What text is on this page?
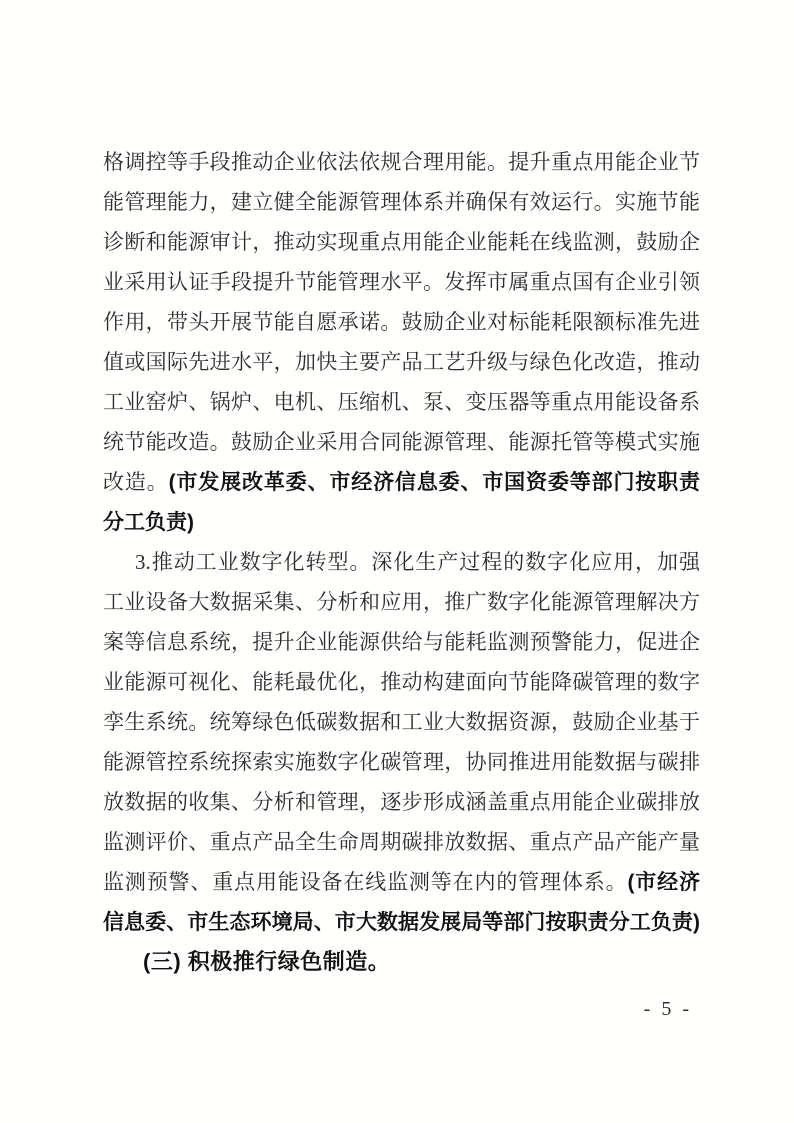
格调控等手段推动企业依法依规合理用能。提升重点用能企业节
能管理能力，建立健全能源管理体系并确保有效运行。实施节能
诊断和能源审计，推动实现重点用能企业能耗在线监测，鼓励企
业采用认证手段提升节能管理水平。发挥市属重点国有企业引领
作用，带头开展节能自愿承诺。鼓励企业对标能耗限额标准先进
值或国际先进水平，加快主要产品工艺升级与绿色化改造，推动
工业窑炉、锅炉、电机、压缩机、泵、变压器等重点用能设备系
统节能改造。鼓励企业采用合同能源管理、能源托管等模式实施
改造。(市发展改革委、市经济信息委、市国资委等部门按职责
分工负责)
3.推动工业数字化转型。深化生产过程的数字化应用，加强
工业设备大数据采集、分析和应用，推广数字化能源管理解决方
案等信息系统，提升企业能源供给与能耗监测预警能力，促进企
业能源可视化、能耗最优化，推动构建面向节能降碳管理的数字
孪生系统。统筹绿色低碳数据和工业大数据资源，鼓励企业基于
能源管控系统探索实施数字化碳管理，协同推进用能数据与碳排
放数据的收集、分析和管理，逐步形成涵盖重点用能企业碳排放
监测评价、重点产品全生命周期碳排放数据、重点产品产能产量
监测预警、重点用能设备在线监测等在内的管理体系。(市经济
信息委、市生态环境局、市大数据发展局等部门按职责分工负责)
(三) 积极推行绿色制造。
- 5 -
